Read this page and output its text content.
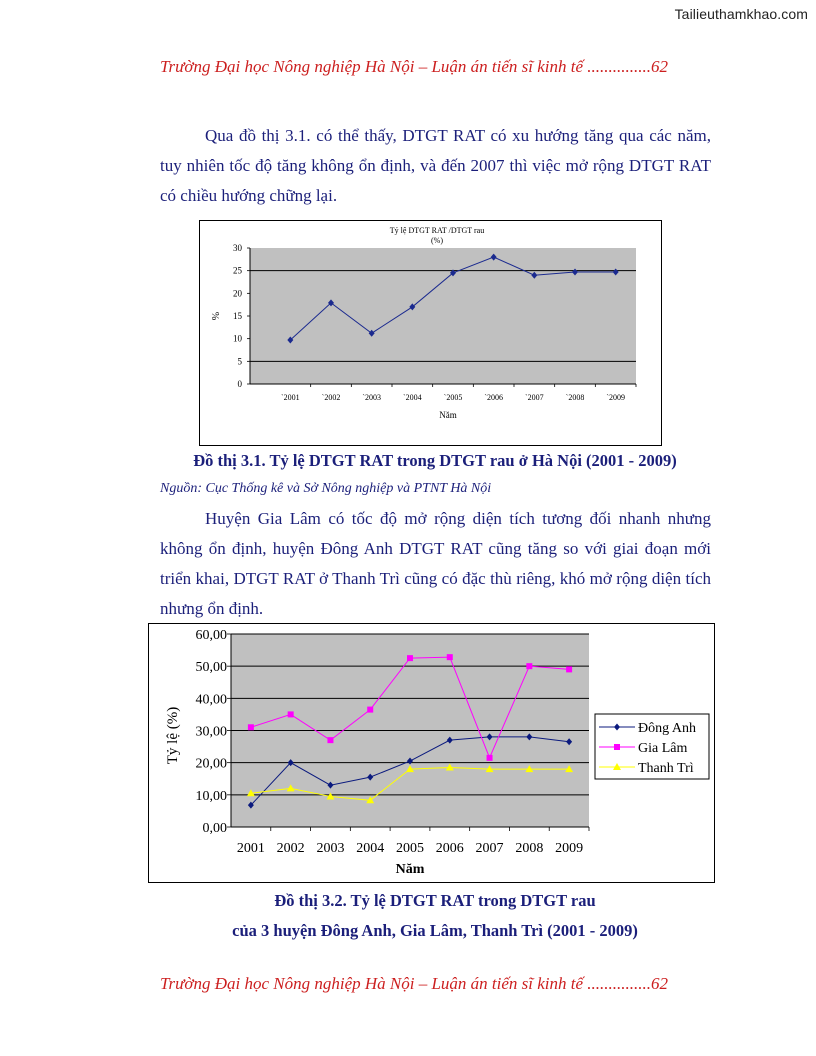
Tailieuthamkhao.com
Trường Đại học Nông nghiệp Hà Nội – Luận án tiến sĩ kinh tế ...............62
Qua đồ thị 3.1. có thể thấy, DTGT RAT có xu hướng tăng qua các năm, tuy nhiên tốc độ tăng không ổn định, và đến 2007 thì việc mở rộng DTGT RAT có chiều hướng chững lại.
Tỷ lệ DTGT RAT /DTGT rau
(%)
0
5
10
15
20
25
30
`2001	`2002	`2003	`2004	`2005	`2006	`2007	`2008	`2009
Năm
%
Đồ thị 3.1. Tỷ lệ DTGT RAT trong DTGT rau ở Hà Nội (2001 - 2009)
Nguồn: Cục Thống kê và Sở Nông nghiệp và PTNT Hà Nội
Huyện Gia Lâm có tốc độ mở rộng diện tích tương đối nhanh nhưng không ổn định, huyện Đông Anh DTGT RAT cũng tăng so với giai đoạn mới triển khai, DTGT RAT ở Thanh Trì cũng có đặc thù riêng, khó mở rộng diện tích nhưng ổn định.
0,00
10,00
20,00
30,00
40,00
50,00
60,00
2001 2002 2003 2004 2005 2006 2007 2008 2009
Năm
Tỷ lệ (%)	Đông Anh
Gia Lâm
Thanh Trì
Đồ thị 3.2. Tỷ lệ DTGT RAT trong DTGT rau
của 3 huyện Đông Anh, Gia Lâm, Thanh Trì (2001 - 2009)
Trường Đại học Nông nghiệp Hà Nội – Luận án tiến sĩ kinh tế ...............62
